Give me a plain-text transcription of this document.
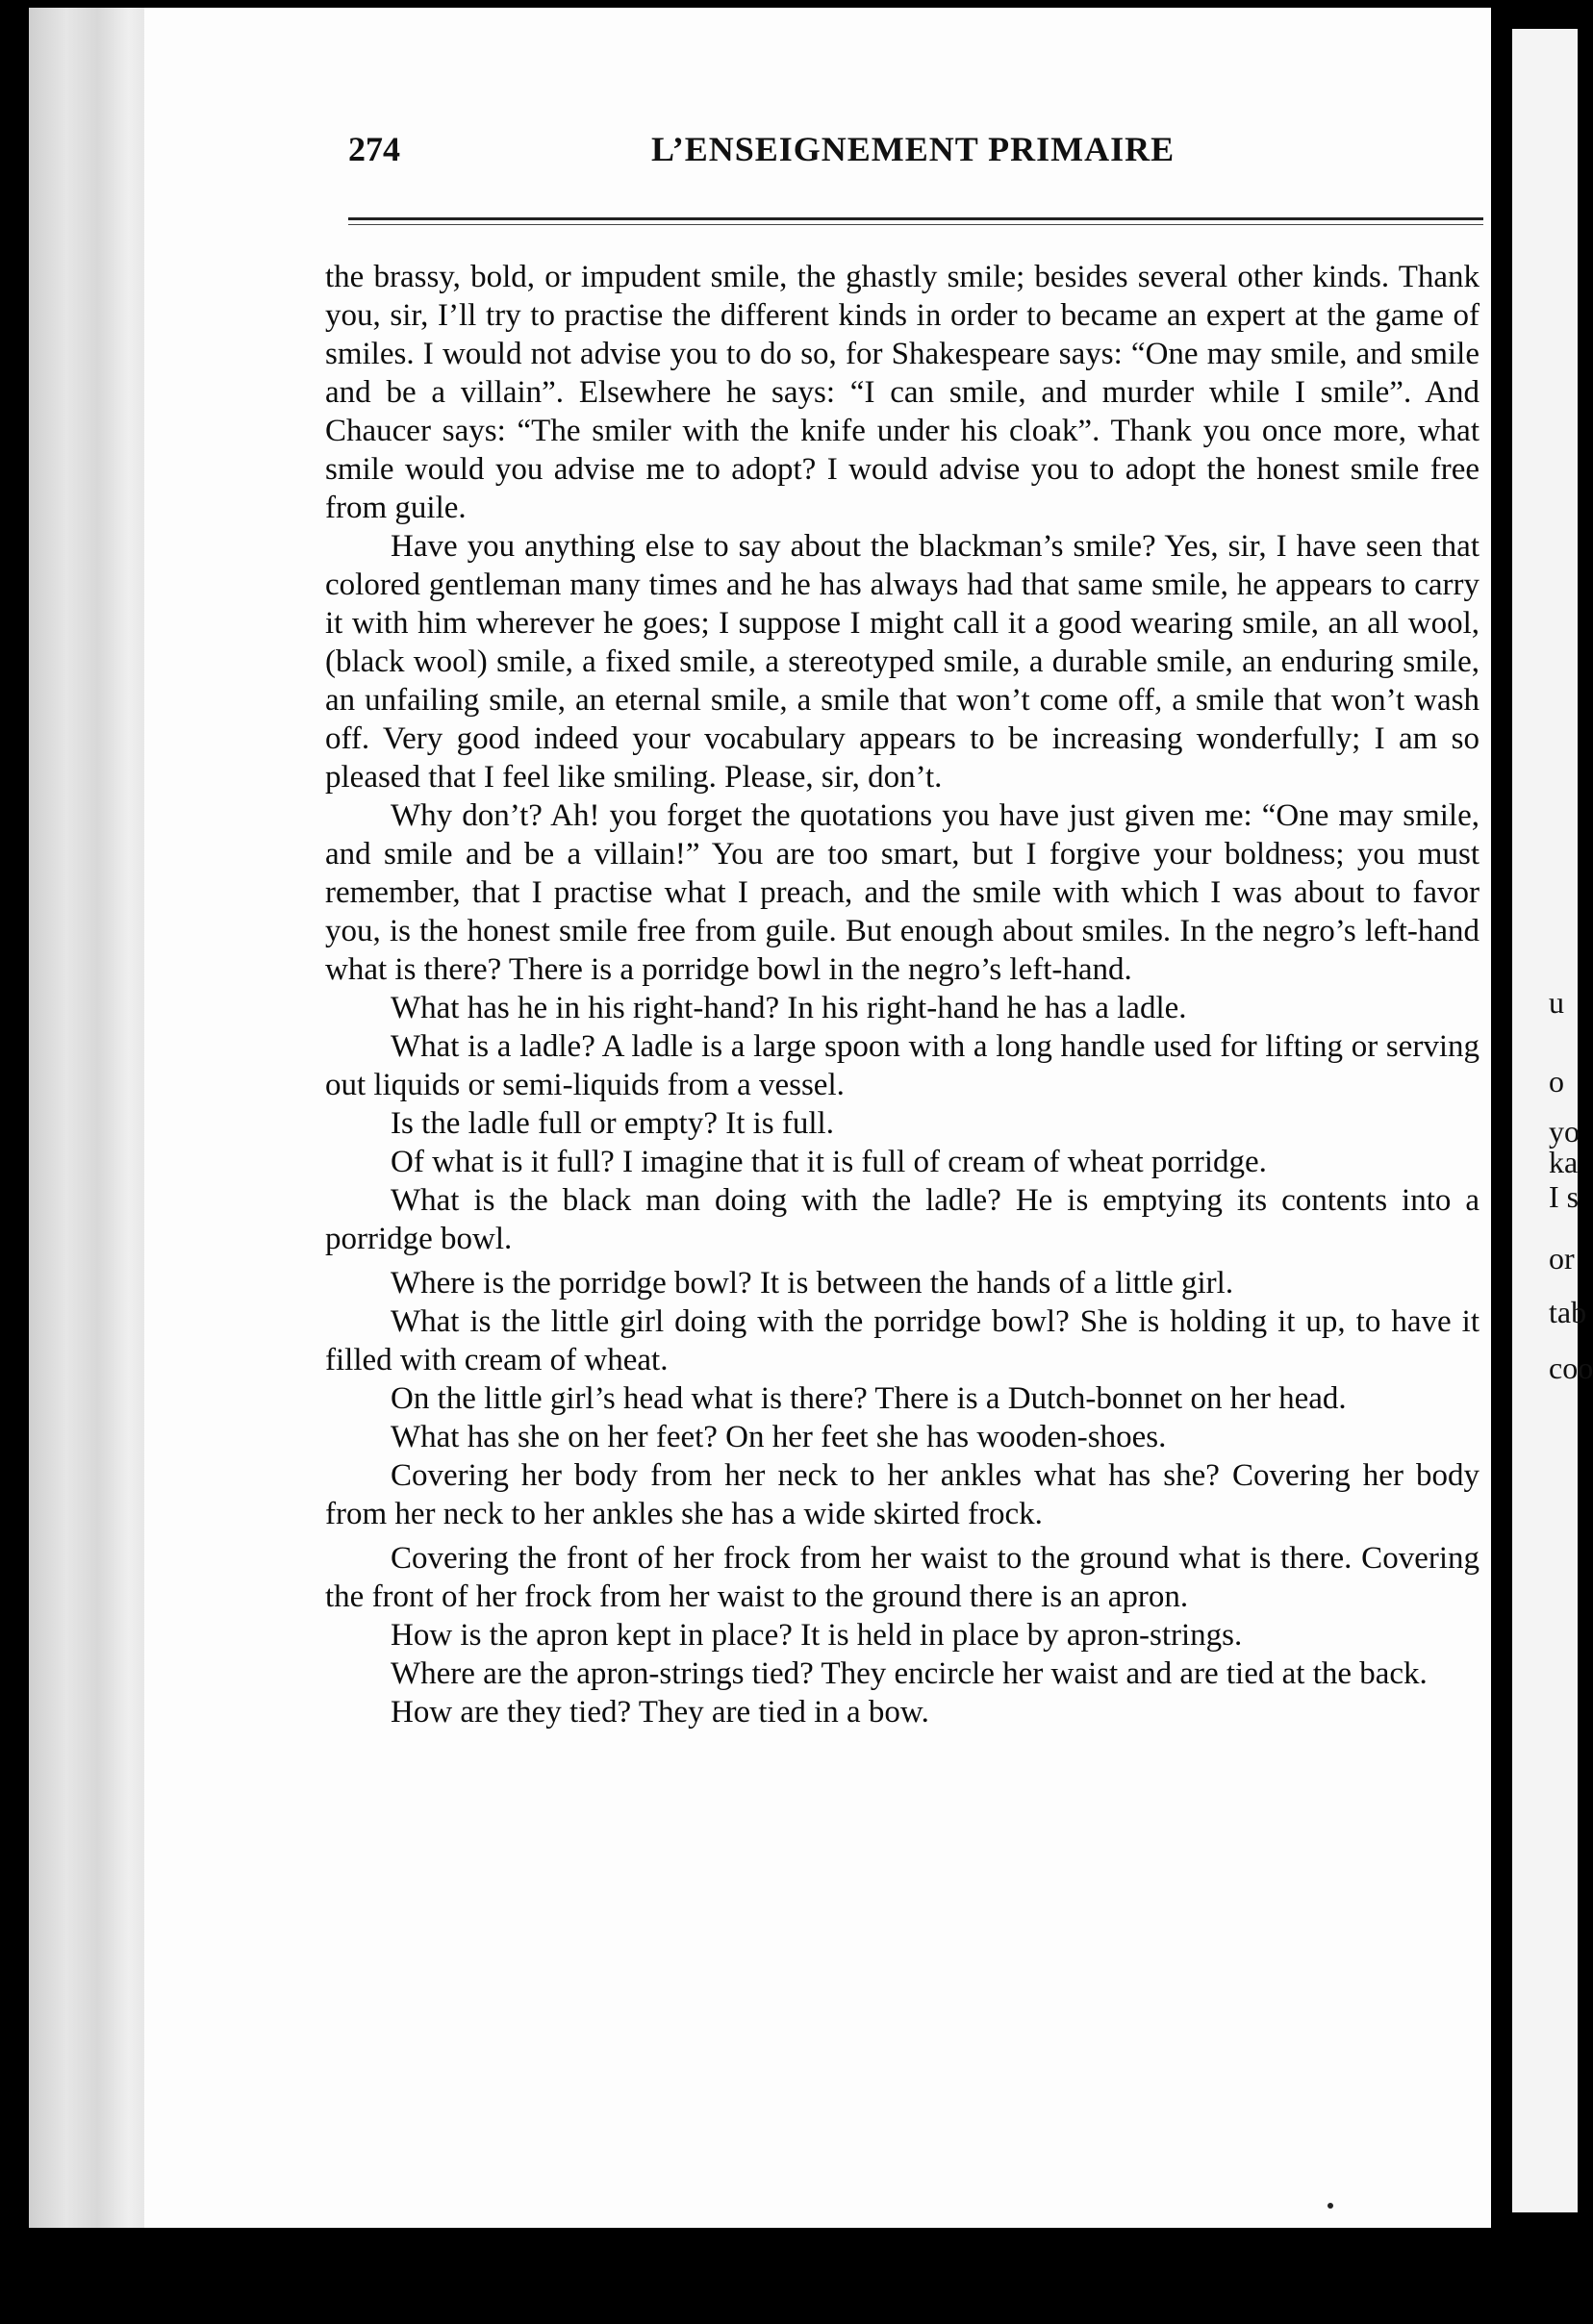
u
o
yo
ka
I s
or
tab
coo
274	L’ENSEIGNEMENT PRIMAIRE

the brassy, bold, or impudent smile, the ghastly smile; besides several other kinds. Thank you, sir, I’ll try to practise the different kinds in order to became an expert at the game of smiles. I would not advise you to do so, for Shakespeare says: “One may smile, and smile and be a villain”. Elsewhere he says: “I can smile, and murder while I smile”. And Chaucer says: “The smiler with the knife under his cloak”. Thank you once more, what smile would you advise me to adopt? I would advise you to adopt the honest smile free from guile.

Have you anything else to say about the blackman’s smile? Yes, sir, I have seen that colored gentleman many times and he has always had that same smile, he appears to carry it with him wherever he goes; I suppose I might call it a good wearing smile, an all wool, (black wool) smile, a fixed smile, a stereotyped smile, a durable smile, an enduring smile, an unfailing smile, an eternal smile, a smile that won’t come off, a smile that won’t wash off. Very good indeed your vocabulary appears to be increasing wonderfully; I am so pleased that I feel like smiling. Please, sir, don’t.

Why don’t? Ah! you forget the quotations you have just given me: “One may smile, and smile and be a villain!” You are too smart, but I forgive your boldness; you must remember, that I practise what I preach, and the smile with which I was about to favor you, is the honest smile free from guile. But enough about smiles. In the negro’s left-hand what is there? There is a porridge bowl in the negro’s left-hand.

What has he in his right-hand? In his right-hand he has a ladle.

What is a ladle? A ladle is a large spoon with a long handle used for lifting or serving out liquids or semi-liquids from a vessel.

Is the ladle full or empty? It is full.

Of what is it full? I imagine that it is full of cream of wheat porridge.

What is the black man doing with the ladle? He is emptying its contents into a porridge bowl.

Where is the porridge bowl? It is between the hands of a little girl.

What is the little girl doing with the porridge bowl? She is holding it up, to have it filled with cream of wheat.

On the little girl’s head what is there? There is a Dutch-bonnet on her head.

What has she on her feet? On her feet she has wooden-shoes.

Covering her body from her neck to her ankles what has she? Covering her body from her neck to her ankles she has a wide skirted frock.

Covering the front of her frock from her waist to the ground what is there. Covering the front of her frock from her waist to the ground there is an apron.

How is the apron kept in place? It is held in place by apron-strings.

Where are the apron-strings tied? They encircle her waist and are tied at the back.

How are they tied? They are tied in a bow.
